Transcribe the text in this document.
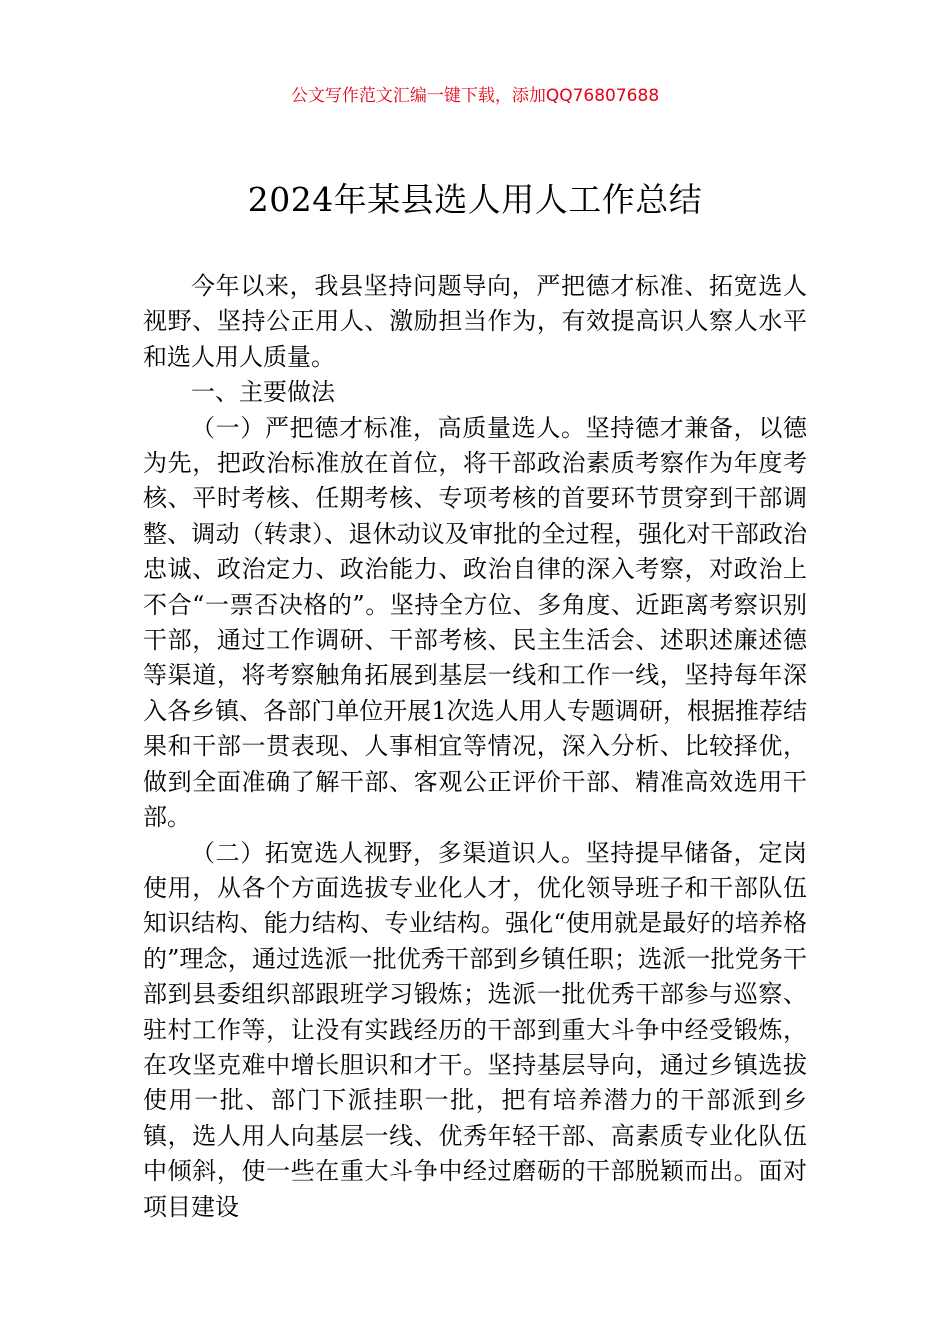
公文写作范文汇编一键下载，添加QQ76807688
2024年某县选人用人工作总结

今年以来，我县坚持问题导向，严把德才标准、拓宽选人视野、坚持公正用人、激励担当作为，有效提高识人察人水平和选人用人质量。

一、主要做法

（一）严把德才标准，高质量选人。坚持德才兼备，以德为先，把政治标准放在首位，将干部政治素质考察作为年度考核、平时考核、任期考核、专项考核的首要环节贯穿到干部调整、调动（转隶）、退休动议及审批的全过程，强化对干部政治忠诚、政治定力、政治能力、政治自律的深入考察，对政治上不合“一票否决格的”。坚持全方位、多角度、近距离考察识别干部，通过工作调研、干部考核、民主生活会、述职述廉述德等渠道，将考察触角拓展到基层一线和工作一线，坚持每年深入各乡镇、各部门单位开展1次选人用人专题调研，根据推荐结果和干部一贯表现、人事相宜等情况，深入分析、比较择优，做到全面准确了解干部、客观公正评价干部、精准高效选用干部。

（二）拓宽选人视野，多渠道识人。坚持提早储备，定岗使用，从各个方面选拔专业化人才，优化领导班子和干部队伍知识结构、能力结构、专业结构。强化“使用就是最好的培养格的”理念，通过选派一批优秀干部到乡镇任职；选派一批党务干部到县委组织部跟班学习锻炼；选派一批优秀干部参与巡察、驻村工作等，让没有实践经历的干部到重大斗争中经受锻炼，在攻坚克难中增长胆识和才干。坚持基层导向，通过乡镇选拔使用一批、部门下派挂职一批，把有培养潜力的干部派到乡镇，选人用人向基层一线、优秀年轻干部、高素质专业化队伍中倾斜，使一些在重大斗争中经过磨砺的干部脱颖而出。面对项目建设
